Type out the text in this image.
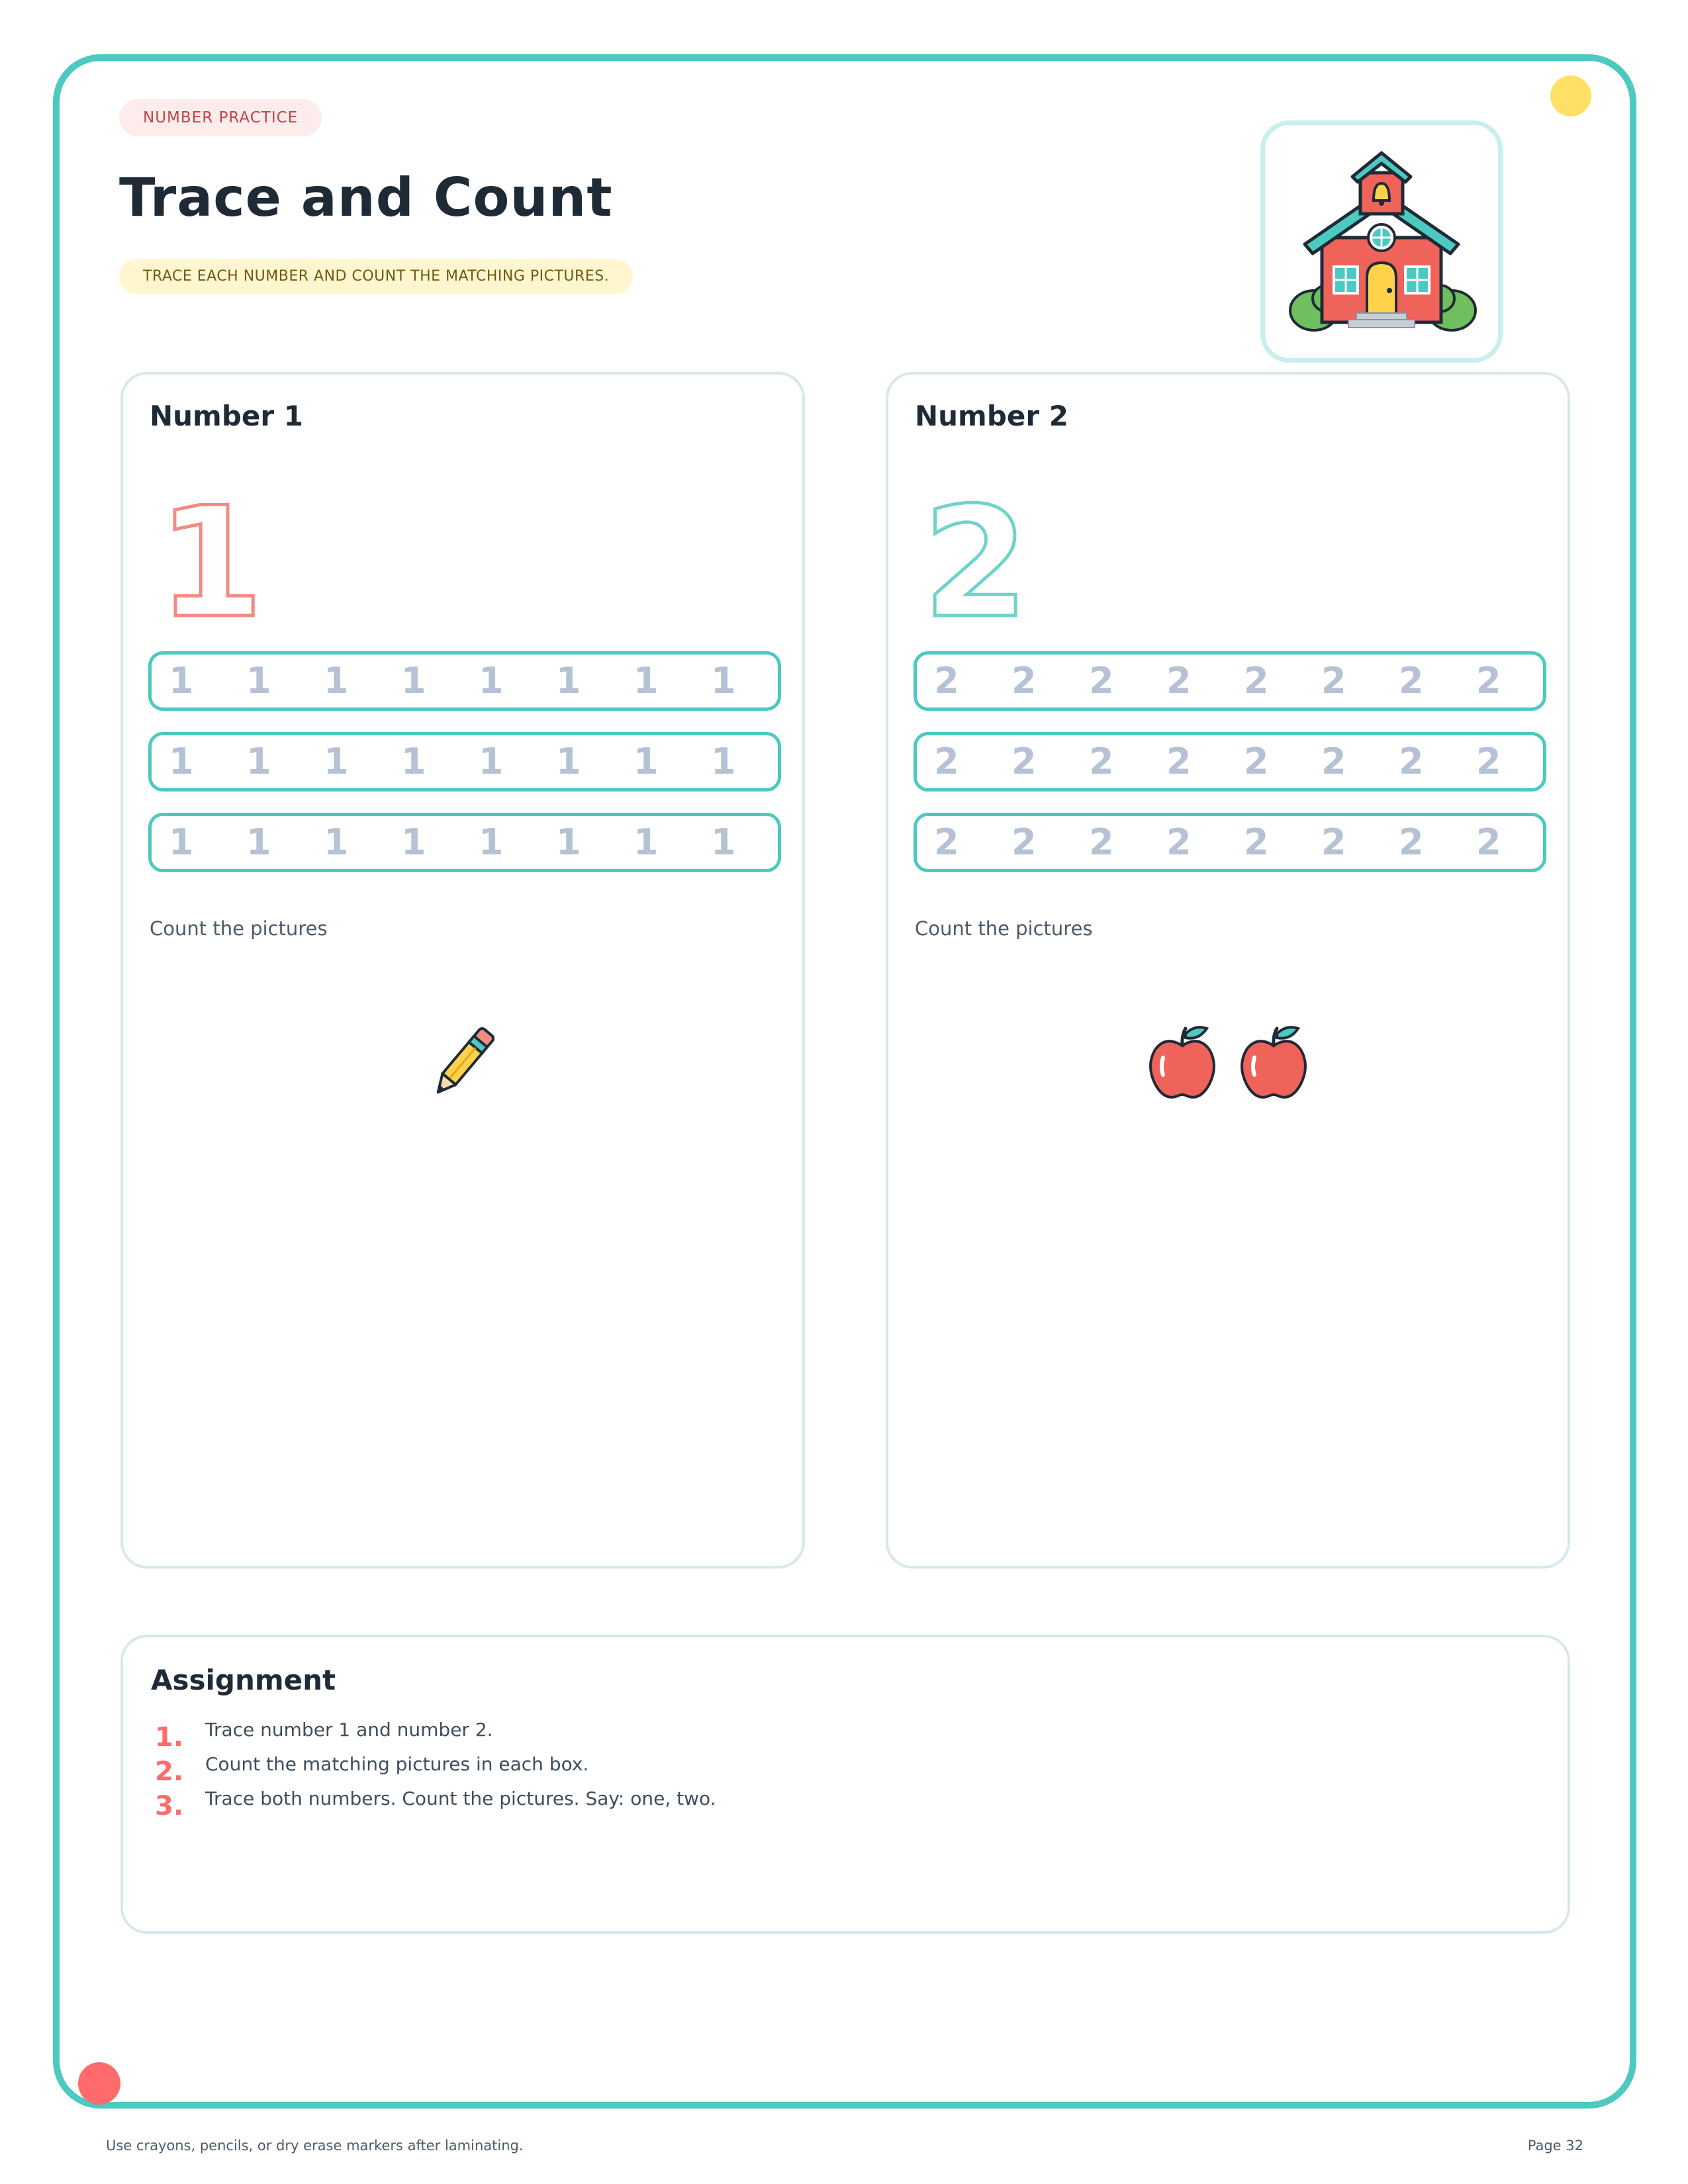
NUMBER PRACTICE
Trace and Count
TRACE EACH NUMBER AND COUNT THE MATCHING PICTURES.
Number 1
1
1 1 1 1 1 1 1 1
1 1 1 1 1 1 1 1
1 1 1 1 1 1 1 1
Count the pictures
Number 2
2
2 2 2 2 2 2 2 2
2 2 2 2 2 2 2 2
2 2 2 2 2 2 2 2
Count the pictures
Assignment
1.	Trace number 1 and number 2.
2.	Count the matching pictures in each box.
3.	Trace both numbers. Count the pictures. Say: one, two.
Use crayons, pencils, or dry erase markers after laminating.	Page 32
